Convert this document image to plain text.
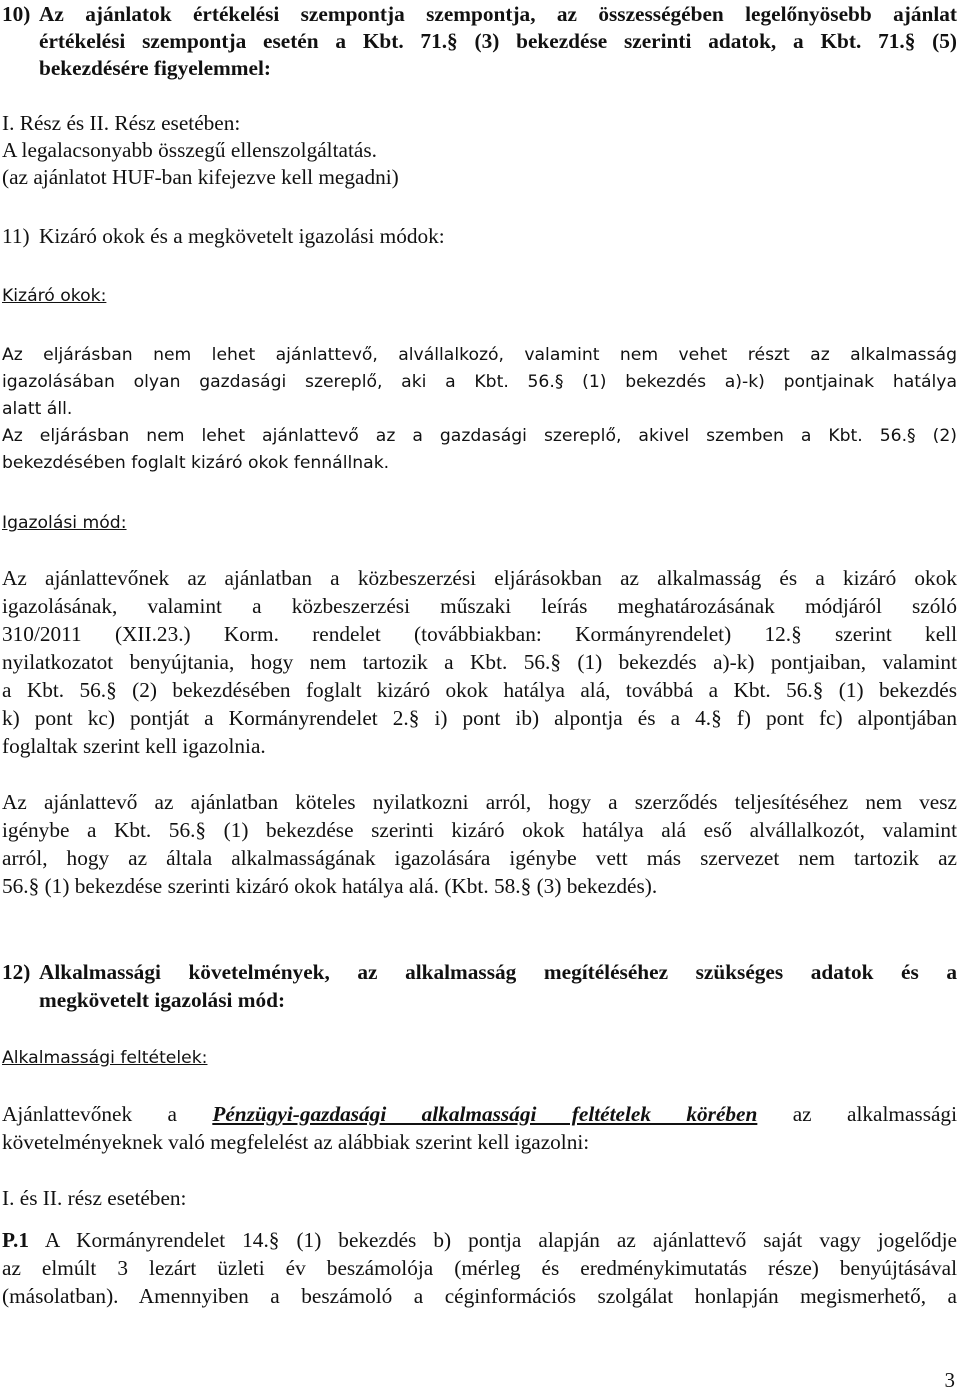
10) Az ajánlatok értékelési szempontja szempontja, az összességében legelőnyösebb ajánlat
értékelési szempontja esetén a Kbt. 71.§ (3) bekezdése szerinti adatok, a Kbt. 71.§ (5)
bekezdésére figyelemmel:
I. Rész és II. Rész esetében:
A legalacsonyabb összegű ellenszolgáltatás.
(az ajánlatot HUF-ban kifejezve kell megadni)
11) Kizáró okok és a megkövetelt igazolási módok:
Kizáró okok:
Az eljárásban nem lehet ajánlattevő, alvállalkozó, valamint nem vehet részt az alkalmasság
igazolásában olyan gazdasági szereplő, aki a Kbt. 56.§ (1) bekezdés a)-k) pontjainak hatálya
alatt áll.
Az eljárásban nem lehet ajánlattevő az a gazdasági szereplő, akivel szemben a Kbt. 56.§ (2)
bekezdésében foglalt kizáró okok fennállnak.
Igazolási mód:
Az ajánlattevőnek az ajánlatban a közbeszerzési eljárásokban az alkalmasság és a kizáró okok
igazolásának, valamint a közbeszerzési műszaki leírás meghatározásának módjáról szóló
310/2011 (XII.23.) Korm. rendelet (továbbiakban: Kormányrendelet) 12.§ szerint kell
nyilatkozatot benyújtania, hogy nem tartozik a Kbt. 56.§ (1) bekezdés a)-k) pontjaiban, valamint
a Kbt. 56.§ (2) bekezdésében foglalt kizáró okok hatálya alá, továbbá a Kbt. 56.§ (1) bekezdés
k) pont kc) pontját a Kormányrendelet 2.§ i) pont ib) alpontja és a 4.§ f) pont fc) alpontjában
foglaltak szerint kell igazolnia.
Az ajánlattevő az ajánlatban köteles nyilatkozni arról, hogy a szerződés teljesítéséhez nem vesz
igénybe a Kbt. 56.§ (1) bekezdése szerinti kizáró okok hatálya alá eső alvállalkozót, valamint
arról, hogy az általa alkalmasságának igazolására igénybe vett más szervezet nem tartozik az
56.§ (1) bekezdése szerinti kizáró okok hatálya alá. (Kbt. 58.§ (3) bekezdés).
12) Alkalmassági követelmények, az alkalmasság megítéléséhez szükséges adatok és a
megkövetelt igazolási mód:
Alkalmassági feltételek:
Ajánlattevőnek a Pénzügyi-gazdasági alkalmassági feltételek körében az alkalmassági
követelményeknek való megfelelést az alábbiak szerint kell igazolni:
I. és II. rész esetében:
P.1 A Kormányrendelet 14.§ (1) bekezdés b) pontja alapján az ajánlattevő saját vagy jogelődje
az elmúlt 3 lezárt üzleti év beszámolója (mérleg és eredménykimutatás része) benyújtásával
(másolatban). Amennyiben a beszámoló a céginformációs szolgálat honlapján megismerhető, a
3
